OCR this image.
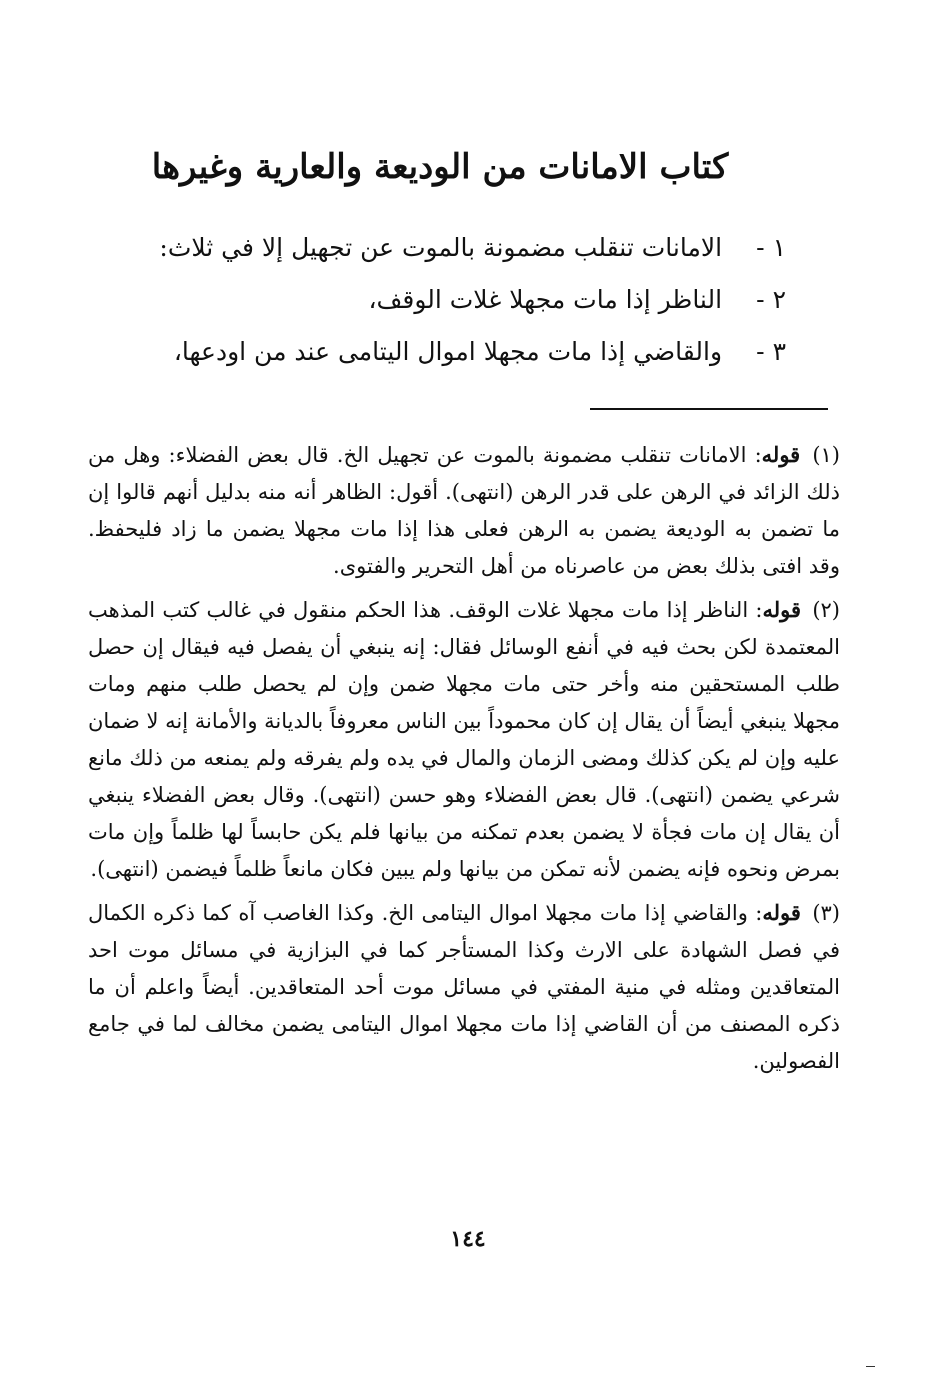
كتاب الامانات من الوديعة والعارية وغيرها
١ - الامانات تنقلب مضمونة بالموت عن تجهيل إلا في ثلاث:
٢ - الناظر إذا مات مجهلا غلات الوقف،
٣ - والقاضي إذا مات مجهلا اموال اليتامى عند من اودعها،

(١) قوله: الامانات تنقلب مضمونة بالموت عن تجهيل الخ. قال بعض الفضلاء: وهل من ذلك الزائد في الرهن على قدر الرهن (انتهى). أقول: الظاهر أنه منه بدليل أنهم قالوا إن ما تضمن به الوديعة يضمن به الرهن فعلى هذا إذا مات مجهلا يضمن ما زاد فليحفظ. وقد افتى بذلك بعض من عاصرناه من أهل التحرير والفتوى.

(٢) قوله: الناظر إذا مات مجهلا غلات الوقف. هذا الحكم منقول في غالب كتب المذهب المعتمدة لكن بحث فيه في أنفع الوسائل فقال: إنه ينبغي أن يفصل فيه فيقال إن حصل طلب المستحقين منه وأخر حتى مات مجهلا ضمن وإن لم يحصل طلب منهم ومات مجهلا ينبغي أيضاً أن يقال إن كان محموداً بين الناس معروفاً بالديانة والأمانة إنه لا ضمان عليه وإن لم يكن كذلك ومضى الزمان والمال في يده ولم يفرقه ولم يمنعه من ذلك مانع شرعي يضمن (انتهى). قال بعض الفضلاء وهو حسن (انتهى). وقال بعض الفضلاء ينبغي أن يقال إن مات فجأة لا يضمن بعدم تمكنه من بيانها فلم يكن حابساً لها ظلماً وإن مات بمرض ونحوه فإنه يضمن لأنه تمكن من بيانها ولم يبين فكان مانعاً ظلماً فيضمن (انتهى).

(٣) قوله: والقاضي إذا مات مجهلا اموال اليتامى الخ. وكذا الغاصب آه كما ذكره الكمال في فصل الشهادة على الارث وكذا المستأجر كما في البزازية في مسائل موت احد المتعاقدين ومثله في منية المفتي في مسائل موت أحد المتعاقدين. أيضاً واعلم أن ما ذكره المصنف من أن القاضي إذا مات مجهلا اموال اليتامى يضمن مخالف لما في جامع الفصولين.

١٤٤
